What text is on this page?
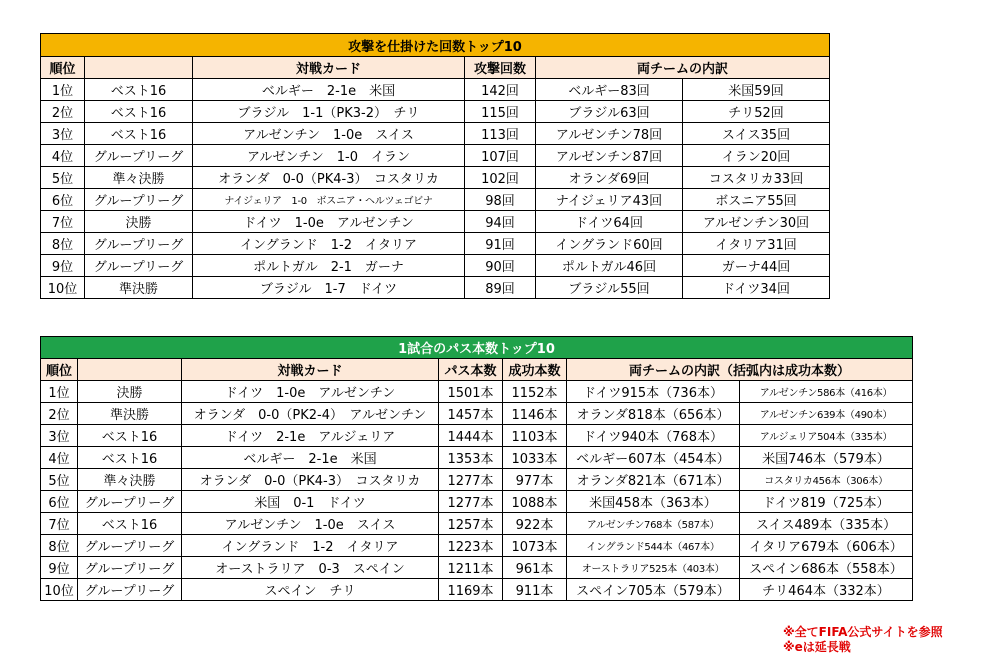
攻撃を仕掛けた回数トップ10					
順位		対戦カード	攻撃回数	両チームの内訳	
1位	ベスト16	ベルギー　2-1e　米国	142回	ベルギー83回	米国59回
2位	ベスト16	ブラジル　1-1（PK3-2）　チリ	115回	ブラジル63回	チリ52回
3位	ベスト16	アルゼンチン　1-0e　スイス	113回	アルゼンチン78回	スイス35回
4位	グループリーグ	アルゼンチン　1-0　イラン	107回	アルゼンチン87回	イラン20回
5位	準々決勝	オランダ　0-0（PK4-3）　コスタリカ	102回	オランダ69回	コスタリカ33回
6位	グループリーグ	ナイジェリア　1-0　ボスニア・ヘルツェゴビナ	98回	ナイジェリア43回	ボスニア55回
7位	決勝	ドイツ　1-0e　アルゼンチン	94回	ドイツ64回	アルゼンチン30回
8位	グループリーグ	イングランド　1-2　イタリア	91回	イングランド60回	イタリア31回
9位	グループリーグ	ポルトガル　2-1　ガーナ	90回	ポルトガル46回	ガーナ44回
10位	準決勝	ブラジル　1-7　ドイツ	89回	ブラジル55回	ドイツ34回
1試合のパス本数トップ10						
順位		対戦カード	パス本数	成功本数	両チームの内訳（括弧内は成功本数）	
1位	決勝	ドイツ　1-0e　アルゼンチン	1501本	1152本	ドイツ915本（736本）	アルゼンチン586本（416本）
2位	準決勝	オランダ　0-0（PK2-4）　アルゼンチン	1457本	1146本	オランダ818本（656本）	アルゼンチン639本（490本）
3位	ベスト16	ドイツ　2-1e　アルジェリア	1444本	1103本	ドイツ940本（768本）	アルジェリア504本（335本）
4位	ベスト16	ベルギー　2-1e　米国	1353本	1033本	ベルギー607本（454本）	米国746本（579本）
5位	準々決勝	オランダ　0-0（PK4-3）　コスタリカ	1277本	977本	オランダ821本（671本）	コスタリカ456本（306本）
6位	グループリーグ	米国　0-1　ドイツ	1277本	1088本	米国458本（363本）	ドイツ819（725本）
7位	ベスト16	アルゼンチン　1-0e　スイス	1257本	922本	アルゼンチン768本（587本）	スイス489本（335本）
8位	グループリーグ	イングランド　1-2　イタリア	1223本	1073本	イングランド544本（467本）	イタリア679本（606本）
9位	グループリーグ	オーストラリア　0-3　スペイン	1211本	961本	オーストラリア525本（403本）	スペイン686本（558本）
10位	グループリーグ	スペイン　チリ	1169本	911本	スペイン705本（579本）	チリ464本（332本）
※全てFIFA公式サイトを参照
※eは延長戦
